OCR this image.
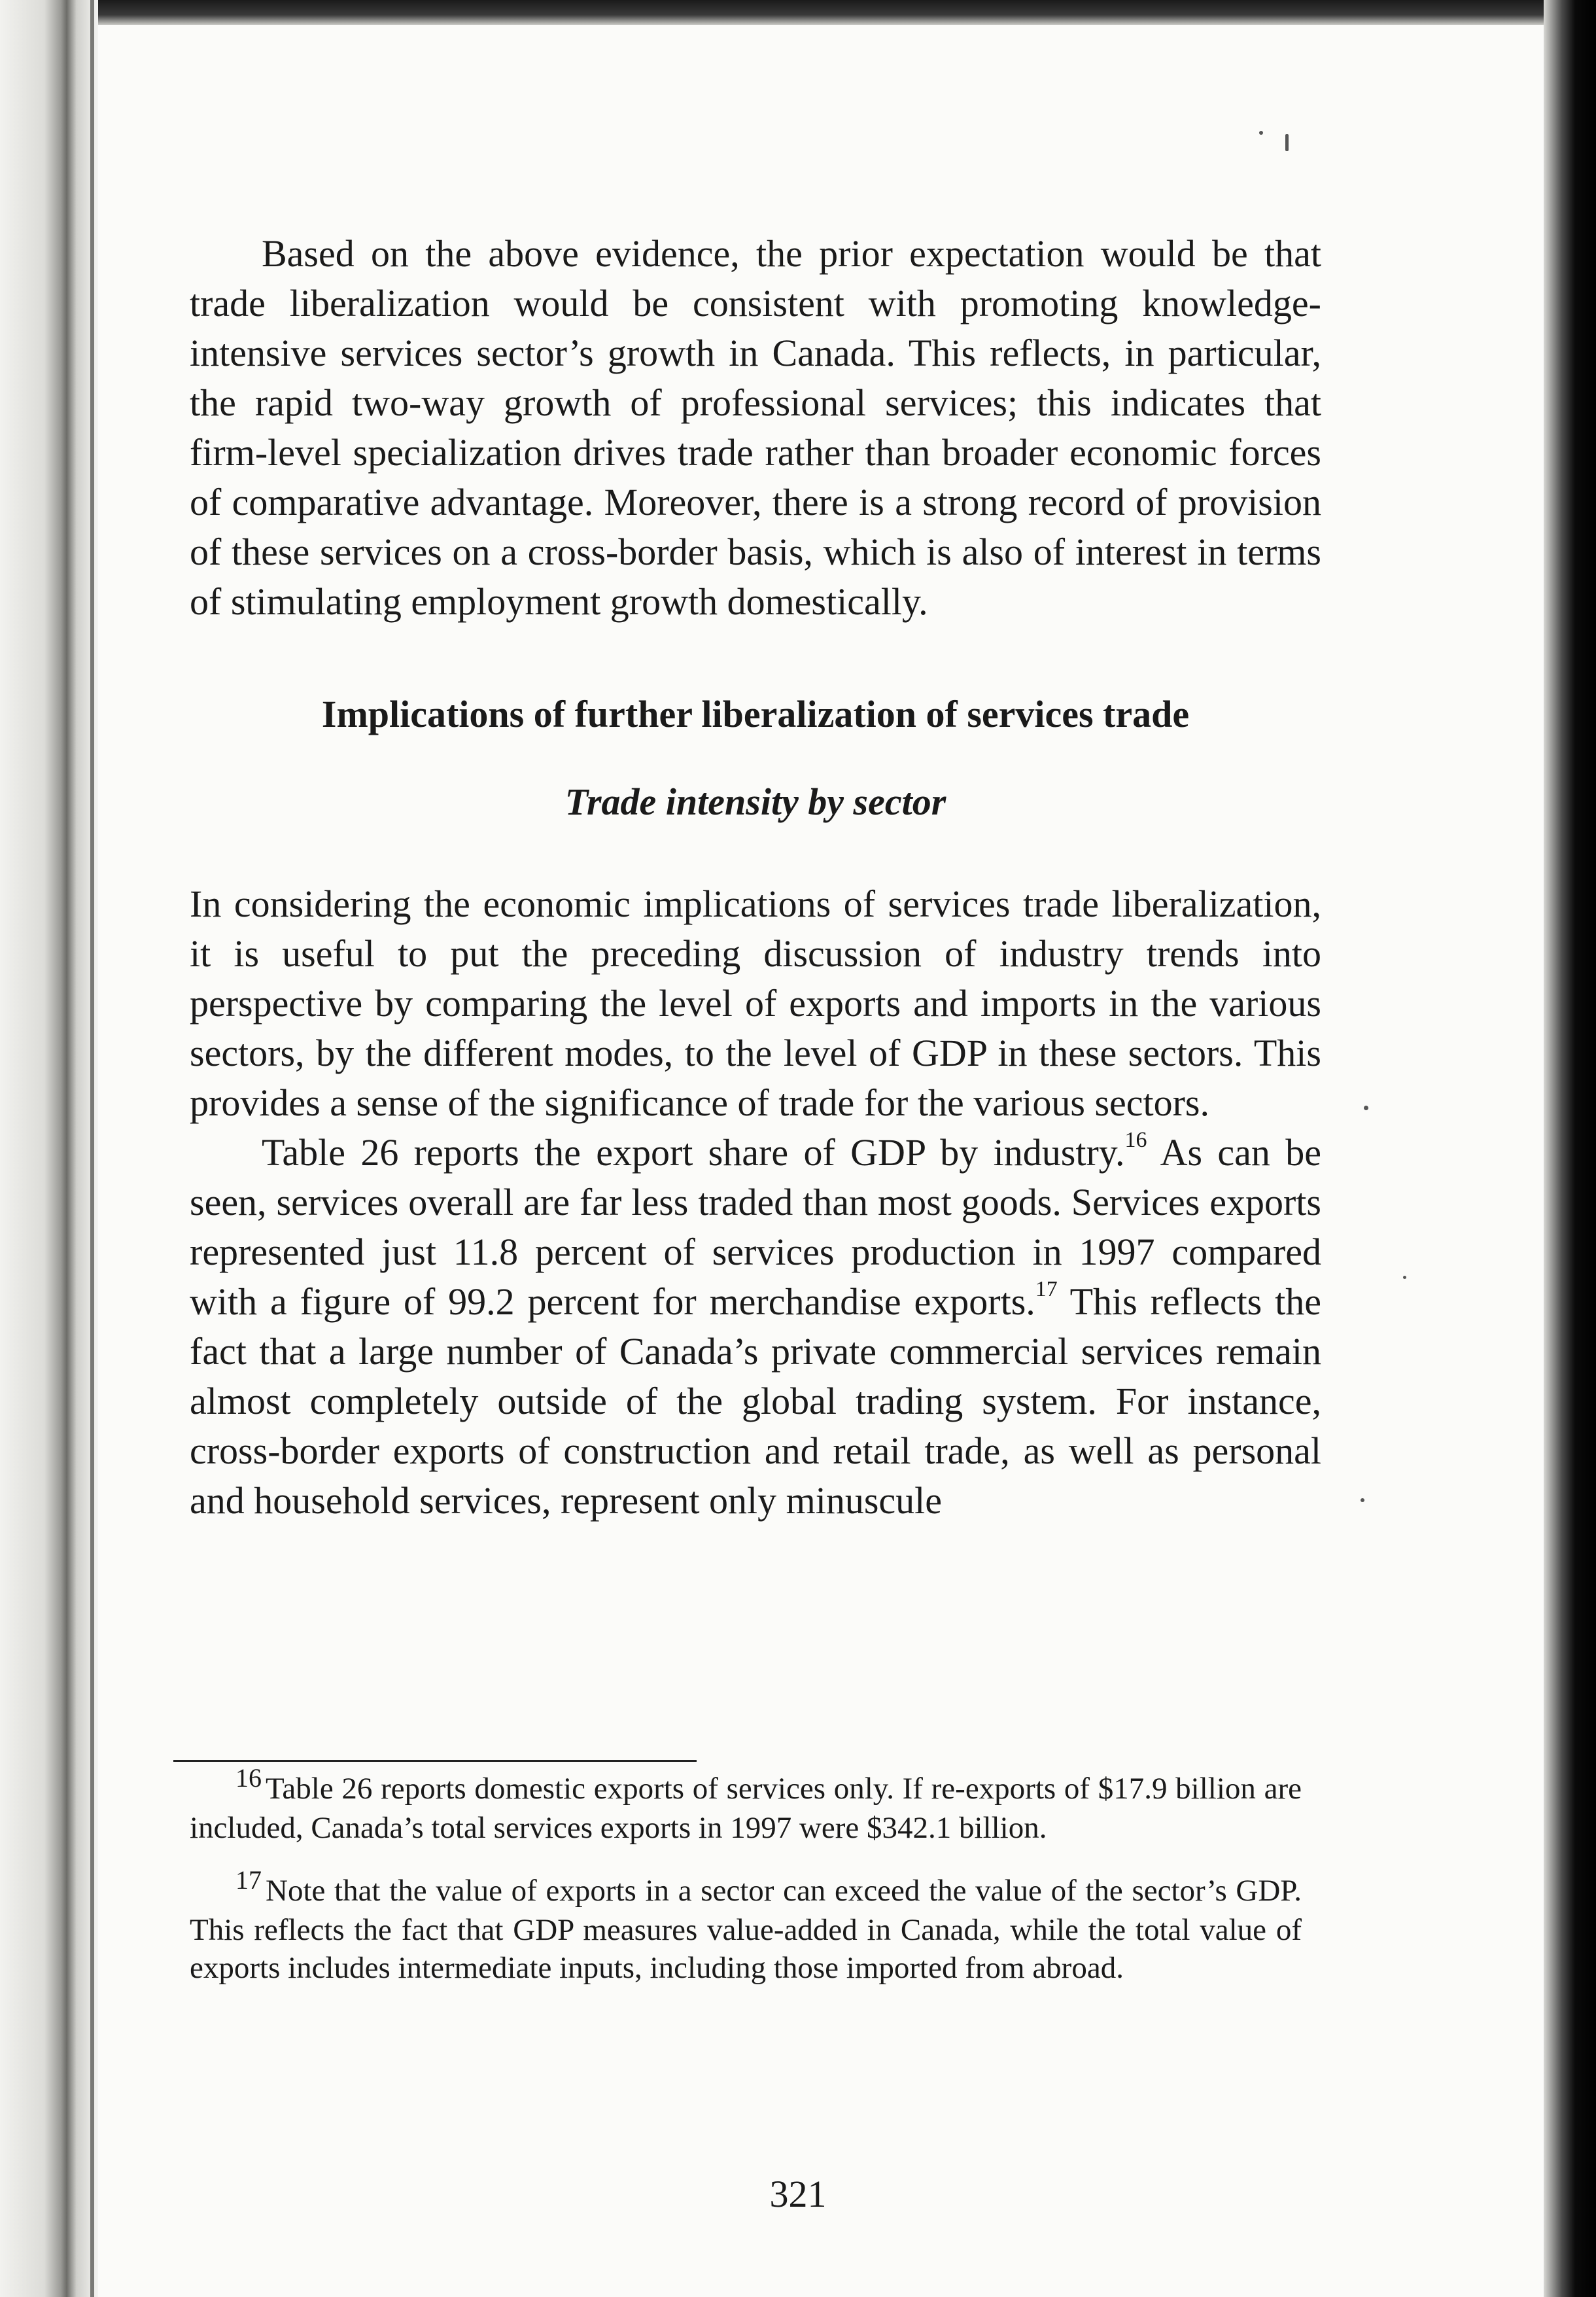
Based on the above evidence, the prior expectation would be that trade liberalization would be consistent with promoting knowledge-intensive services sector’s growth in Canada. This reflects, in particular, the rapid two-way growth of professional services; this indicates that firm-level specialization drives trade rather than broader economic forces of comparative advantage. Moreover, there is a strong record of provision of these services on a cross-border basis, which is also of interest in terms of stimulating employment growth domestically.

Implications of further liberalization of services trade
Trade intensity by sector

In considering the economic implications of services trade liberalization, it is useful to put the preceding discussion of industry trends into perspective by comparing the level of exports and imports in the various sectors, by the different modes, to the level of GDP in these sectors. This provides a sense of the significance of trade for the various sectors.

Table 26 reports the export share of GDP by industry.$^{16}$ As can be seen, services overall are far less traded than most goods. Services exports represented just 11.8 percent of services production in 1997 compared with a figure of 99.2 percent for merchandise exports.$^{17}$ This reflects the fact that a large number of Canada’s private commercial services remain almost completely outside of the global trading system. For instance, cross-border exports of construction and retail trade, as well as personal and household services, represent only minuscule

16 Table 26 reports domestic exports of services only. If re-exports of $17.9 billion are included, Canada’s total services exports in 1997 were $342.1 billion.

17 Note that the value of exports in a sector can exceed the value of the sector’s GDP. This reflects the fact that GDP measures value-added in Canada, while the total value of exports includes intermediate inputs, including those imported from abroad.

321
